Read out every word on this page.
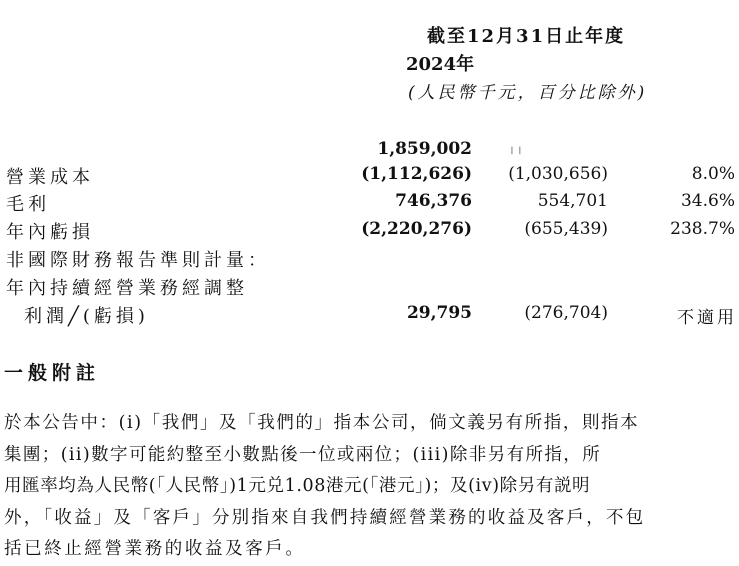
截至12月31日止年度
2024年
(人民幣千元，百分比除外)
╷╷
1,859,002
營業成本	(1,112,626) (1,030,656)	8.0%
毛利	746,376	554,701	34.6%
年內虧損	(2,220,276)	(655,439)	238.7%
非國際財務報告準則計量：
年內持續經營業務經調整
利潤╱(虧損)	29,795	(276,704)	不適用
一般附註
於本公告中：(i)「我們」及「我們的」指本公司，倘文義另有所指，則指本
集團；(ii)數字可能約整至小數點後一位或兩位；(iii)除非另有所指，所
用匯率均為人民幣(「人民幣」)1元兑1.08港元(「港元」)；及(iv)除另有説明
外，「收益」及「客戶」分別指來自我們持續經營業務的收益及客戶，不包
括已終止經營業務的收益及客戶。
